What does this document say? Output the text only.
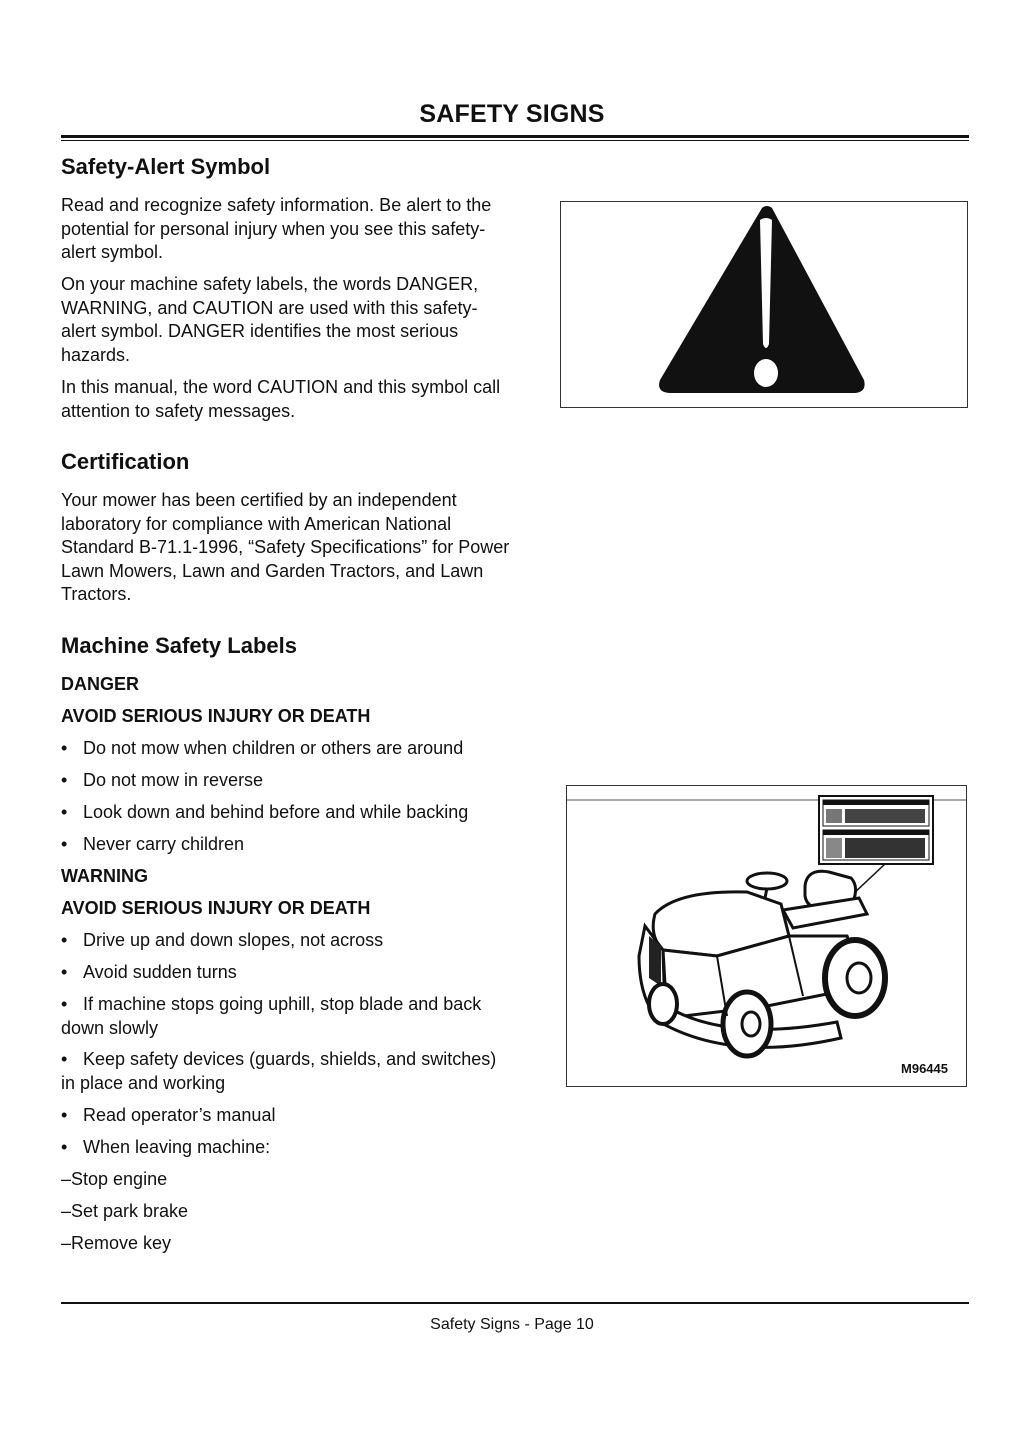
SAFETY SIGNS
Safety-Alert Symbol
Read and recognize safety information. Be alert to the
potential for personal injury when you see this safety-
alert symbol.
On your machine safety labels, the words DANGER,
WARNING, and CAUTION are used with this safety-
alert symbol. DANGER identifies the most serious
hazards.
In this manual, the word CAUTION and this symbol call
attention to safety messages.
Certification
Your mower has been certified by an independent
laboratory for compliance with American National
Standard B-71.1-1996, “Safety Specifications” for Power
Lawn Mowers, Lawn and Garden Tractors, and Lawn
Tractors.
Machine Safety Labels
DANGER
AVOID SERIOUS INJURY OR DEATH
• Do not mow when children or others are around
• Do not mow in reverse
• Look down and behind before and while backing
• Never carry children
WARNING
AVOID SERIOUS INJURY OR DEATH
• Drive up and down slopes, not across
• Avoid sudden turns
• If machine stops going uphill, stop blade and back
down slowly
• Keep safety devices (guards, shields, and switches)
in place and working
• Read operator’s manual
• When leaving machine:
–Stop engine
–Set park brake
–Remove key
M96445
Safety Signs - Page 10
